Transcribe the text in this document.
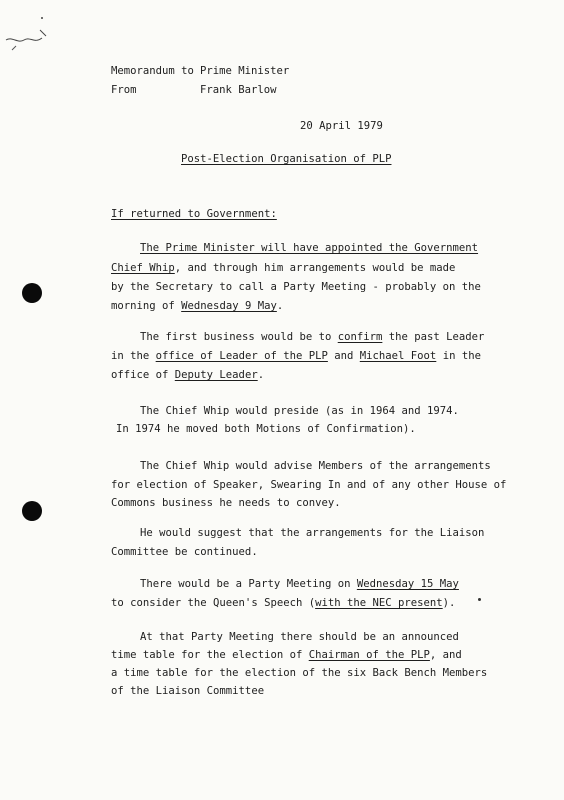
Memorandum to Prime Minister
From	Frank Barlow
20 April 1979
Post-Election Organisation of PLP
If returned to Government:
The Prime Minister will have appointed the Government
Chief Whip, and through him arrangements would be made
by the Secretary to call a Party Meeting - probably on the
morning of Wednesday 9 May.
The first business would be to confirm the past Leader
in the office of Leader of the PLP and Michael Foot in the
office of Deputy Leader.
The Chief Whip would preside (as in 1964 and 1974.
In 1974 he moved both Motions of Confirmation).
The Chief Whip would advise Members of the arrangements
for election of Speaker, Swearing In and of any other House of
Commons business he needs to convey.
He would suggest that the arrangements for the Liaison
Committee be continued.
There would be a Party Meeting on Wednesday 15 May
to consider the Queen's Speech (with the NEC present).
At that Party Meeting there should be an announced
time table for the election of Chairman of the PLP, and
a time table for the election of the six Back Bench Members
of the Liaison Committee
